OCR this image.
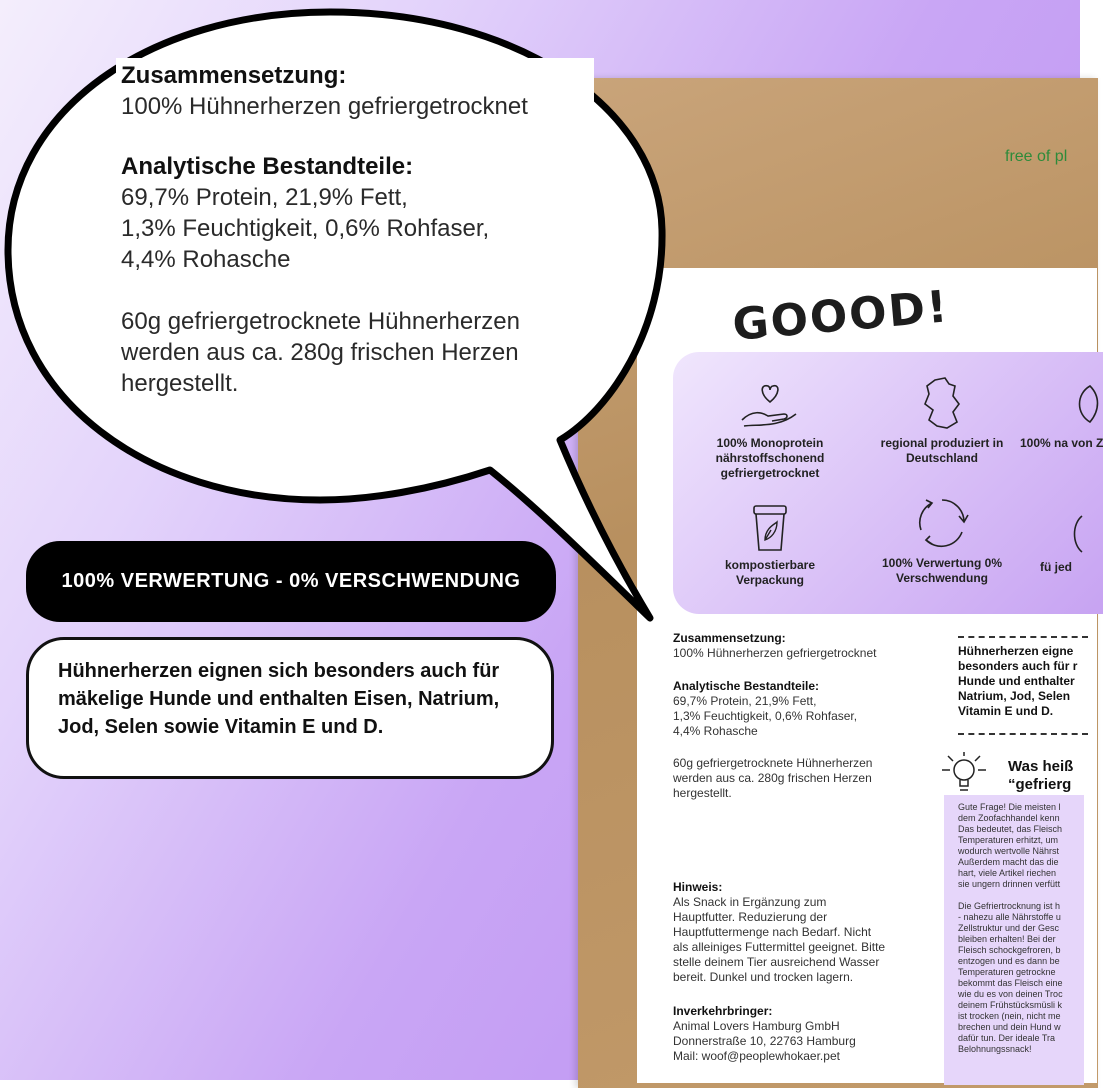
free of pl
GOOOD!
100% Monoprotein nährstoffschonend gefriergetrocknet
regional produziert in Deutschland
100% na von Z
kompostierbare Verpackung
100% Verwertung 0% Verschwendung
fü jed
Zusammensetzung:
100% Hühnerherzen gefriergetrocknet
Analytische Bestandteile:
69,7% Protein, 21,9% Fett,
1,3% Feuchtigkeit, 0,6% Rohfaser,
4,4% Rohasche
60g gefriergetrocknete Hühnerherzen
werden aus ca. 280g frischen Herzen
hergestellt.
Hinweis:
Als Snack in Ergänzung zum
Hauptfutter. Reduzierung der
Hauptfuttermenge nach Bedarf. Nicht
als alleiniges Futtermittel geeignet. Bitte
stelle deinem Tier ausreichend Wasser
bereit. Dunkel und trocken lagern.
Inverkehrbringer:
Animal Lovers Hamburg GmbH
Donnerstraße 10, 22763 Hamburg
Mail: woof@peoplewhokaer.pet
Hühnerherzen eigne
besonders auch für r
Hunde und enthalter
Natrium, Jod, Selen
Vitamin E und D.
Was heiß
“gefrierg
Gute Frage! Die meisten l
dem Zoofachhandel kenn
Das bedeutet, das Fleisch
Temperaturen erhitzt, um
wodurch wertvolle Nährst
Außerdem macht das die
hart, viele Artikel riechen
sie ungern drinnen verfütt
Die Gefriertrocknung ist h
- nahezu alle Nährstoffe u
Zellstruktur und der Gesc
bleiben erhalten! Bei der
Fleisch schockgefroren, b
entzogen und es dann be
Temperaturen getrockne
bekommt das Fleisch eine
wie du es von deinen Troc
deinem Frühstücksmüsli k
ist trocken (nein, nicht me
brechen und dein Hund w
dafür tun. Der ideale Tra
Belohnungssnack!

Zusammensetzung:

100% Hühnerherzen gefriergetrocknet

Analytische Bestandteile:

69,7% Protein, 21,9% Fett,

1,3% Feuchtigkeit, 0,6% Rohfaser,

4,4% Rohasche

60g gefriergetrocknete Hühnerherzen

werden aus ca. 280g frischen Herzen

hergestellt.

100% VERWERTUNG - 0% VERSCHWENDUNG
Hühnerherzen eignen sich besonders auch für mäkelige Hunde und enthalten Eisen, Natrium, Jod, Selen sowie Vitamin E und D.
